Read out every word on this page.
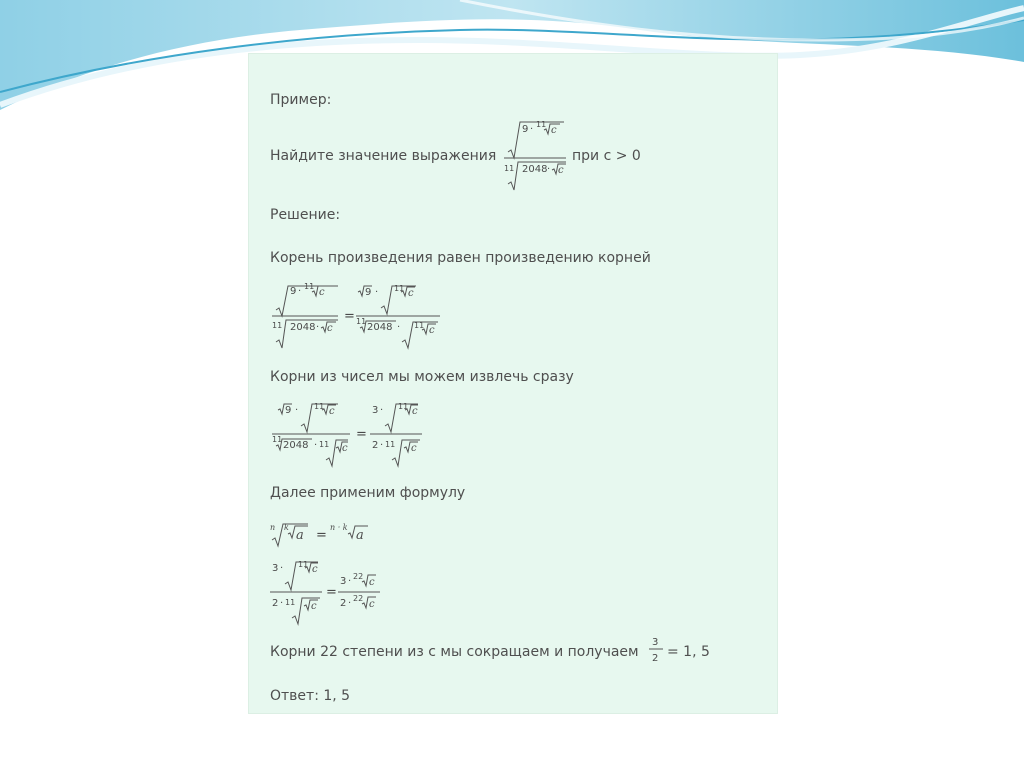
Пример:
Найдите значение выражения	при c > 0
Решение:
Корень произведения равен произведению корней
Корни из чисел мы можем извлечь сразу
Далее применим формулу
Корни 22 степени из c мы сокращаем и получаем = 1, 5
Ответ: 1, 5
9 · 11
c
11 2048 · c
9 · 11
c
11 2048 · c
=
9 · 11 c
11
2048 · 11 c
9 · 11 c
11
2048 · 11 c
=
3 · 11 c
2 · 11 c
n k
a =
n · k
a
3 · 11 c
2 · 11 c
=
3 · 22
c
2 · 22
c
3
2
